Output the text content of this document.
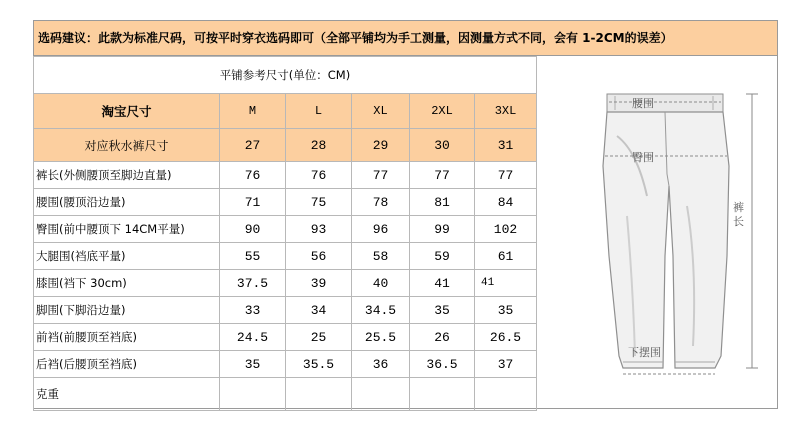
选码建议：此款为标准尺码，可按平时穿衣选码即可（全部平铺均为手工测量，因测量方式不同，会有 1-2CM的误差）
平铺参考尺寸(单位：CM)					
淘宝尺寸	M	L	XL	2XL	3XL
对应秋水裤尺寸	27	28	29	30	31
裤长(外侧腰顶至脚边直量)	76	76	77	77	77
腰围(腰顶沿边量)	71	75	78	81	84
臀围(前中腰顶下 14CM平量)	90	93	96	99	102
大腿围(裆底平量)	55	56	58	59	61
膝围(裆下 30cm)	37.5	39	40	41	41
脚围(下脚沿边量)	33	34	34.5	35	35
前裆(前腰顶至裆底)	24.5	25	25.5	26	26.5
后裆(后腰顶至裆底)	35	35.5	36	36.5	37
克重					
腰围
臀围
裤
长
下摆围
